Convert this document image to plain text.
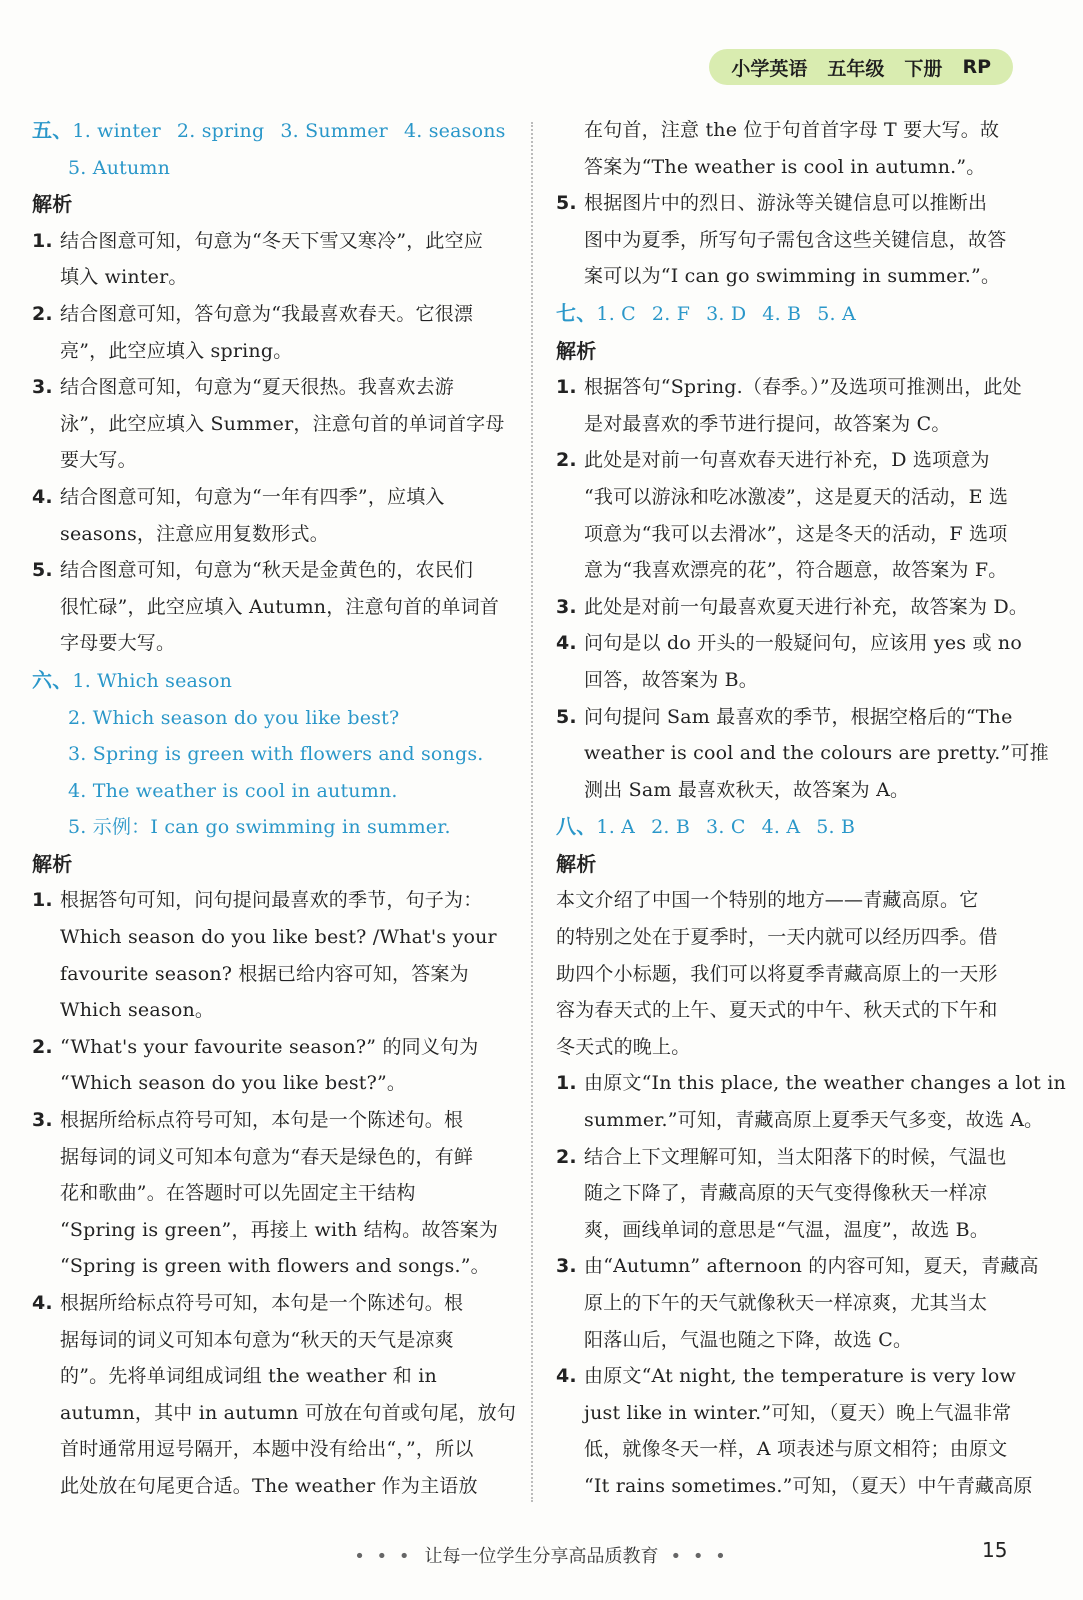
小学英语 五年级 下册 RP
五、1. winter 2. spring 3. Summer 4. seasons
5. Autumn
解析
1. 结合图意可知，句意为“冬天下雪又寒冷”，此空应
填入 winter。
2. 结合图意可知，答句意为“我最喜欢春天。它很漂
亮”，此空应填入 spring。
3. 结合图意可知，句意为“夏天很热。我喜欢去游
泳”，此空应填入 Summer，注意句首的单词首字母
要大写。
4. 结合图意可知，句意为“一年有四季”，应填入
seasons，注意应用复数形式。
5. 结合图意可知，句意为“秋天是金黄色的，农民们
很忙碌”，此空应填入 Autumn，注意句首的单词首
字母要大写。
六、1. Which season
2. Which season do you like best?
3. Spring is green with flowers and songs.
4. The weather is cool in autumn.
5. 示例：I can go swimming in summer.
解析
1. 根据答句可知，问句提问最喜欢的季节，句子为：
Which season do you like best? /What's your
favourite season? 根据已给内容可知，答案为
Which season。
2. “What's your favourite season?” 的同义句为
“Which season do you like best?”。
3. 根据所给标点符号可知，本句是一个陈述句。根
据每词的词义可知本句意为“春天是绿色的，有鲜
花和歌曲”。在答题时可以先固定主干结构
“Spring is green”，再接上 with 结构。故答案为
“Spring is green with flowers and songs.”。
4. 根据所给标点符号可知，本句是一个陈述句。根
据每词的词义可知本句意为“秋天的天气是凉爽
的”。先将单词组成词组 the weather 和 in
autumn，其中 in autumn 可放在句首或句尾，放句
首时通常用逗号隔开，本题中没有给出“，”，所以
此处放在句尾更合适。The weather 作为主语放
在句首，注意 the 位于句首首字母 T 要大写。故
答案为“The weather is cool in autumn.”。
5. 根据图片中的烈日、游泳等关键信息可以推断出
图中为夏季，所写句子需包含这些关键信息，故答
案可以为“I can go swimming in summer.”。
七、1. C 2. F 3. D 4. B 5. A
解析
1. 根据答句“Spring.（春季。）”及选项可推测出，此处
是对最喜欢的季节进行提问，故答案为 C。
2. 此处是对前一句喜欢春天进行补充，D 选项意为
“我可以游泳和吃冰激凌”，这是夏天的活动，E 选
项意为“我可以去滑冰”，这是冬天的活动，F 选项
意为“我喜欢漂亮的花”，符合题意，故答案为 F。
3. 此处是对前一句最喜欢夏天进行补充，故答案为 D。
4. 问句是以 do 开头的一般疑问句，应该用 yes 或 no
回答，故答案为 B。
5. 问句提问 Sam 最喜欢的季节，根据空格后的“The
weather is cool and the colours are pretty.”可推
测出 Sam 最喜欢秋天，故答案为 A。
八、1. A 2. B 3. C 4. A 5. B
解析
本文介绍了中国一个特别的地方——青藏高原。它
的特别之处在于夏季时，一天内就可以经历四季。借
助四个小标题，我们可以将夏季青藏高原上的一天形
容为春天式的上午、夏天式的中午、秋天式的下午和
冬天式的晚上。
1. 由原文“In this place, the weather changes a lot in
summer.”可知，青藏高原上夏季天气多变，故选 A。
2. 结合上下文理解可知，当太阳落下的时候，气温也
随之下降了，青藏高原的天气变得像秋天一样凉
爽，画线单词的意思是“气温，温度”，故选 B。
3. 由“Autumn” afternoon 的内容可知，夏天，青藏高
原上的下午的天气就像秋天一样凉爽，尤其当太
阳落山后，气温也随之下降，故选 C。
4. 由原文“At night, the temperature is very low
just like in winter.”可知，（夏天）晚上气温非常
低，就像冬天一样，A 项表述与原文相符；由原文
“It rains sometimes.”可知，（夏天）中午青藏高原
• • • 让每一位学生分享高品质教育 • • •	15
